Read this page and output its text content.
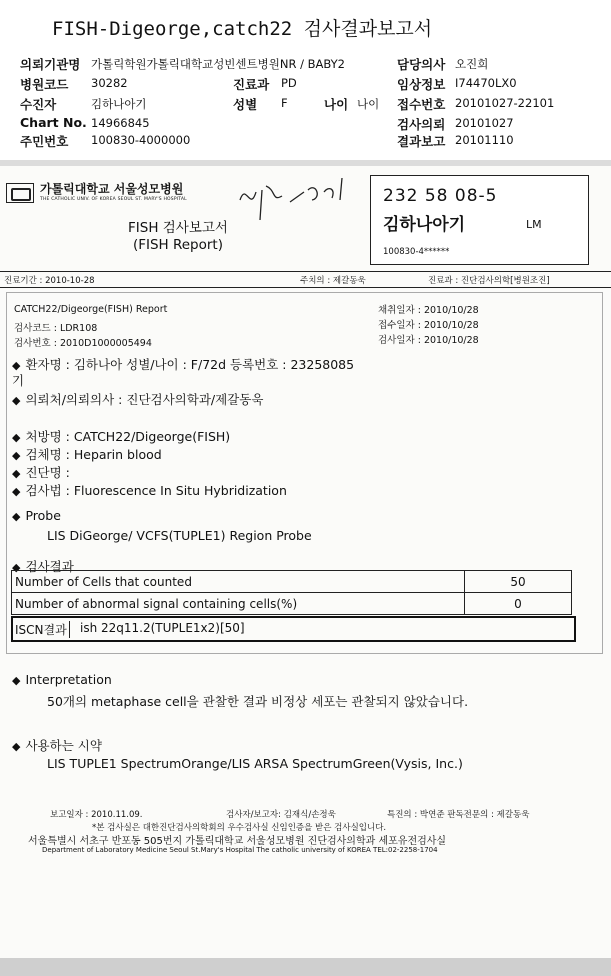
FISH-Digeorge,catch22 검사결과보고서
의뢰기관명 가톨릭학원가톨릭대학교성빈센트병원NR / BABY2
병원코드 30282
수진자	김하나아기
Chart No. 14966845
주민번호 100830-4000000
진료과 PD
성별 F	나이 나이
담당의사 오진희
임상정보 I74470LX0
접수번호 20101027-22101
검사의뢰 20101027
결과보고 20101110
가톨릭대학교 서울성모병원
THE CATHOLIC UNIV. OF KOREA SEOUL ST. MARY'S HOSPITAL
FISH 검사보고서
(FISH Report)
232 58 08-5
김하나아기	LM
100830-4******
진료기간 : 2010-10-28	주치의 : 제갈동욱	진료과 : 진단검사의학[병원조진]
CATCH22/Digeorge(FISH) Report
검사코드 : LDR108
검사번호 : 2010D1000005494
채취일자 : 2010/10/28
접수일자 : 2010/10/28
검사일자 : 2010/10/28
◆ 환자명 : 김하나아 성별/나이 : F/72d 등록번호 : 23258085
기
◆ 의뢰처/의뢰의사 : 진단검사의학과/제갈동욱
◆ 처방명 : CATCH22/Digeorge(FISH)
◆ 검체명 : Heparin blood
◆ 진단명 :
◆ 검사법 : Fluorescence In Situ Hybridization
◆ Probe
LIS DiGeorge/ VCFS(TUPLE1) Region Probe
◆ 검사결과
Number of Cells that counted	50
Number of abnormal signal containing cells(%)	0
ISCN결과 ish 22q11.2(TUPLE1x2)[50]
◆ Interpretation
50개의 metaphase cell을 관찰한 결과 비정상 세포는 관찰되지 않았습니다.
◆ 사용하는 시약
LIS TUPLE1 SpectrumOrange/LIS ARSA SpectrumGreen(Vysis, Inc.)
보고일자 : 2010.11.09.	검사자/보고자: 김재식/손정욱	특진의 : 박연준 판독전문의 : 제갈동욱
*본 검사실은 대한진단검사의학회의 우수검사실 신임인증을 받은 검사실입니다.
서울특별시 서초구 반포동 505번지 가톨릭대학교 서울성모병원 진단검사의학과 세포유전검사실
Department of Laboratory Medicine Seoul St.Mary's Hospital The catholic university of KOREA TEL:02-2258-1704
